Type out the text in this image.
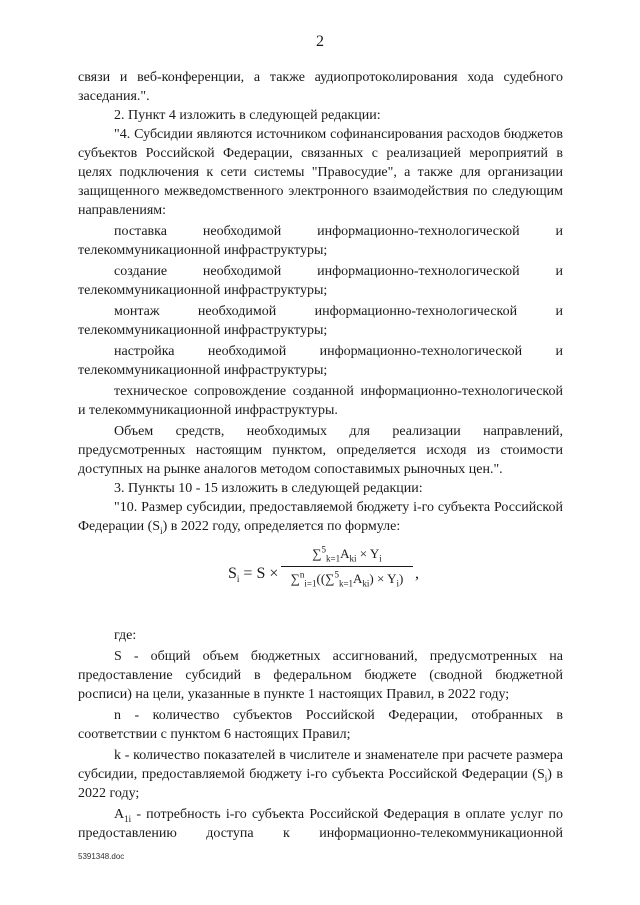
2

связи и веб-конференции, а также аудиопротоколирования хода судебного заседания.".

2. Пункт 4 изложить в следующей редакции:

"4. Субсидии являются источником софинансирования расходов бюджетов субъектов Российской Федерации, связанных с реализацией мероприятий в целях подключения к сети системы "Правосудие", а также для организации защищенного межведомственного электронного взаимодействия по следующим направлениям:

поставка необходимой информационно-технологической и телекоммуникационной инфраструктуры;

создание необходимой информационно-технологической и телекоммуникационной инфраструктуры;

монтаж необходимой информационно-технологической и телекоммуникационной инфраструктуры;

настройка необходимой информационно-технологической и телекоммуникационной инфраструктуры;

техническое сопровождение созданной информационно-технологической и телекоммуникационной инфраструктуры.

Объем средств, необходимых для реализации направлений, предусмотренных настоящим пунктом, определяется исходя из стоимости доступных на рынке аналогов методом сопоставимых рыночных цен.".

3. Пункты 10 - 15 изложить в следующей редакции:

"10. Размер субсидии, предоставляемой бюджету i-го субъекта Российской Федерации $(S_i)$ в 2022 году, определяется по формуле:

$S_i = S$ ×
$\sum^5_{k=1}A_{ki} \times Y_i$
$\sum^n_{i=1}((\sum^5_{k=1}A_{ki}) \times Y_i)$ ,

где:

S - общий объем бюджетных ассигнований, предусмотренных на предоставление субсидий в федеральном бюджете (сводной бюджетной росписи) на цели, указанные в пункте 1 настоящих Правил, в 2022 году;

n - количество субъектов Российской Федерации, отобранных в соответствии с пунктом 6 настоящих Правил;

k - количество показателей в числителе и знаменателе при расчете размера субсидии, предоставляемой бюджету i-го субъекта Российской Федерации $(S_i)$ в 2022 году;

$A_{1i}$ - потребность i-го субъекта Российской Федерация в оплате услуг по предоставлению доступа к информационно-телекоммуникационной

5391348.doc
